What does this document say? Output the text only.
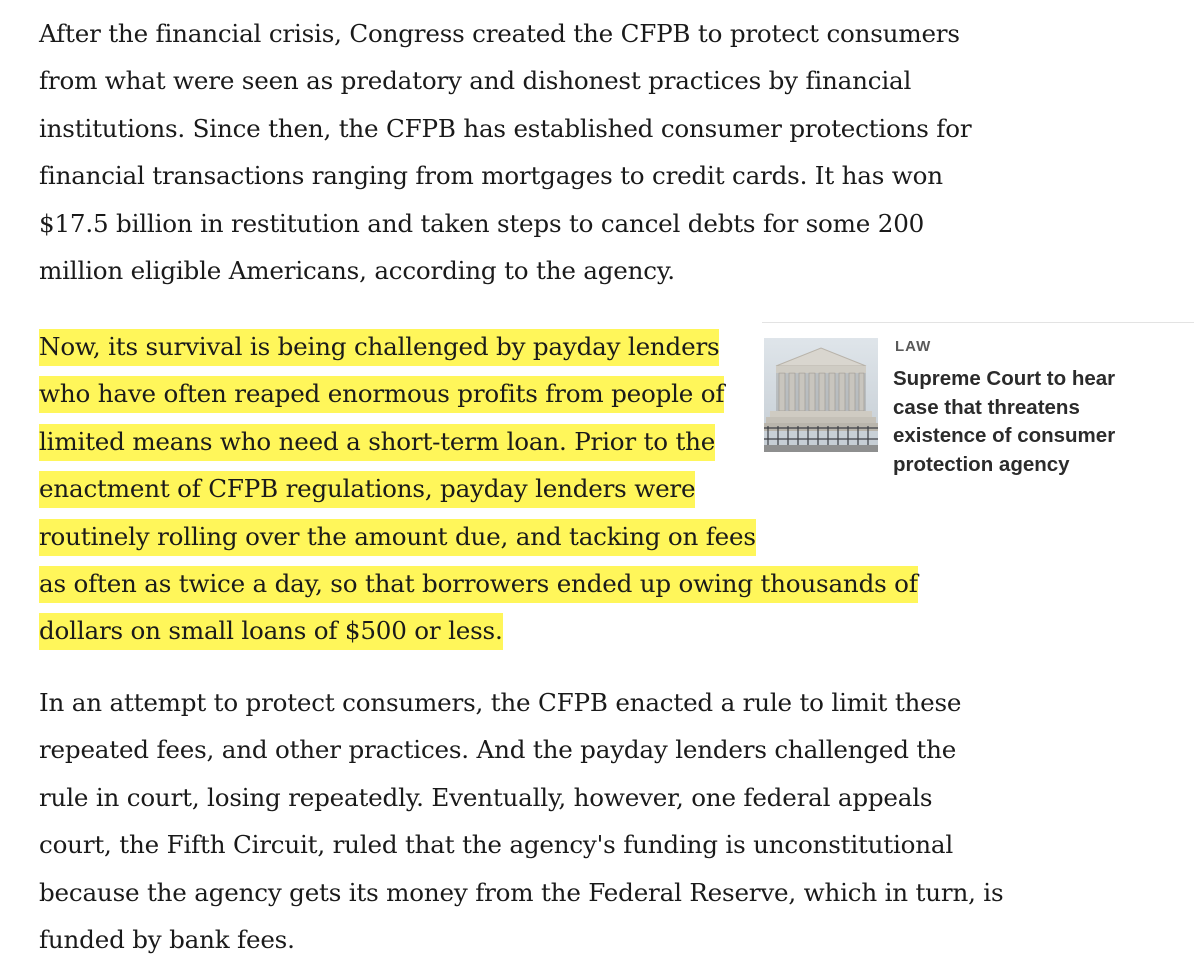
After the financial crisis, Congress created the CFPB to protect consumers
from what were seen as predatory and dishonest practices by financial
institutions. Since then, the CFPB has established consumer protections for
financial transactions ranging from mortgages to credit cards. It has won
$17.5 billion in restitution and taken steps to cancel debts for some 200
million eligible Americans, according to the agency.

Now, its survival is being challenged by payday lenders
who have often reaped enormous profits from people of
limited means who need a short-term loan. Prior to the
enactment of CFPB regulations, payday lenders were
routinely rolling over the amount due, and tacking on fees
as often as twice a day, so that borrowers ended up owing thousands of
dollars on small loans of $500 or less.

LAW
Supreme Court to hear
case that threatens
existence of consumer
protection agency

In an attempt to protect consumers, the CFPB enacted a rule to limit these
repeated fees, and other practices. And the payday lenders challenged the
rule in court, losing repeatedly. Eventually, however, one federal appeals
court, the Fifth Circuit, ruled that the agency's funding is unconstitutional
because the agency gets its money from the Federal Reserve, which in turn, is
funded by bank fees.
